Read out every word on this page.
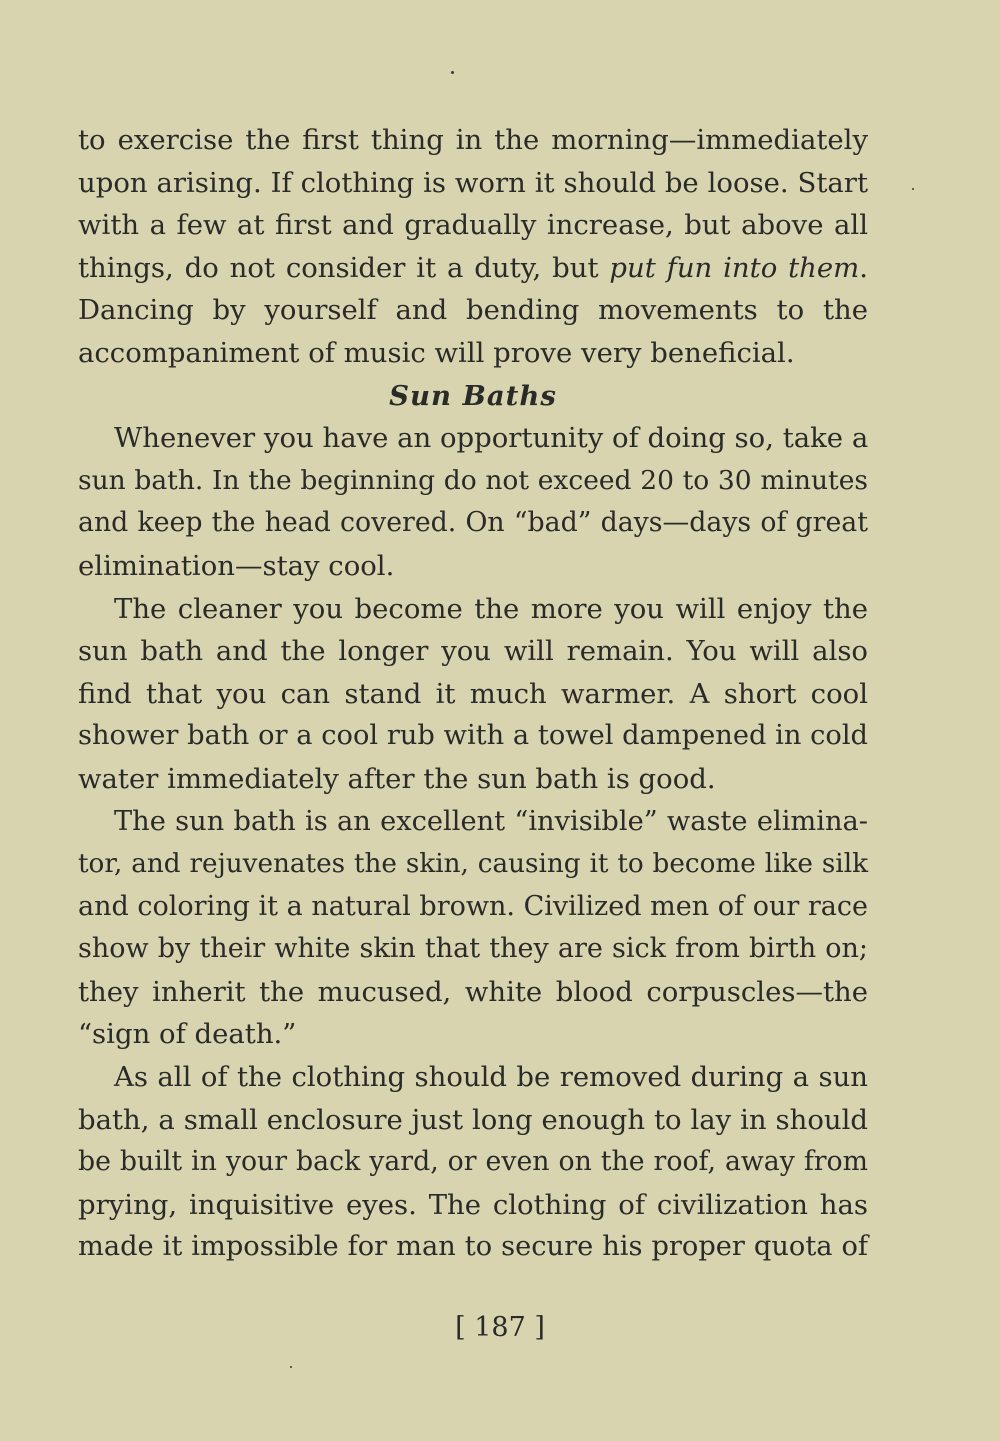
to exercise the first thing in the morning—immediately
upon arising. If clothing is worn it should be loose. Start
with a few at first and gradually increase, but above all
things, do not consider it a duty, but put fun into them.
Dancing by yourself and bending movements to the
accompaniment of music will prove very beneficial.
Sun Baths
Whenever you have an opportunity of doing so, take a
sun bath. In the beginning do not exceed 20 to 30 minutes
and keep the head covered. On “bad” days—days of great
elimination—stay cool.
The cleaner you become the more you will enjoy the
sun bath and the longer you will remain. You will also
find that you can stand it much warmer. A short cool
shower bath or a cool rub with a towel dampened in cold
water immediately after the sun bath is good.
The sun bath is an excellent “invisible” waste elimina-
tor, and rejuvenates the skin, causing it to become like silk
and coloring it a natural brown. Civilized men of our race
show by their white skin that they are sick from birth on;
they inherit the mucused, white blood corpuscles—the
“sign of death.”
As all of the clothing should be removed during a sun
bath, a small enclosure just long enough to lay in should
be built in your back yard, or even on the roof, away from
prying, inquisitive eyes. The clothing of civilization has
made it impossible for man to secure his proper quota of
[ 187 ]
